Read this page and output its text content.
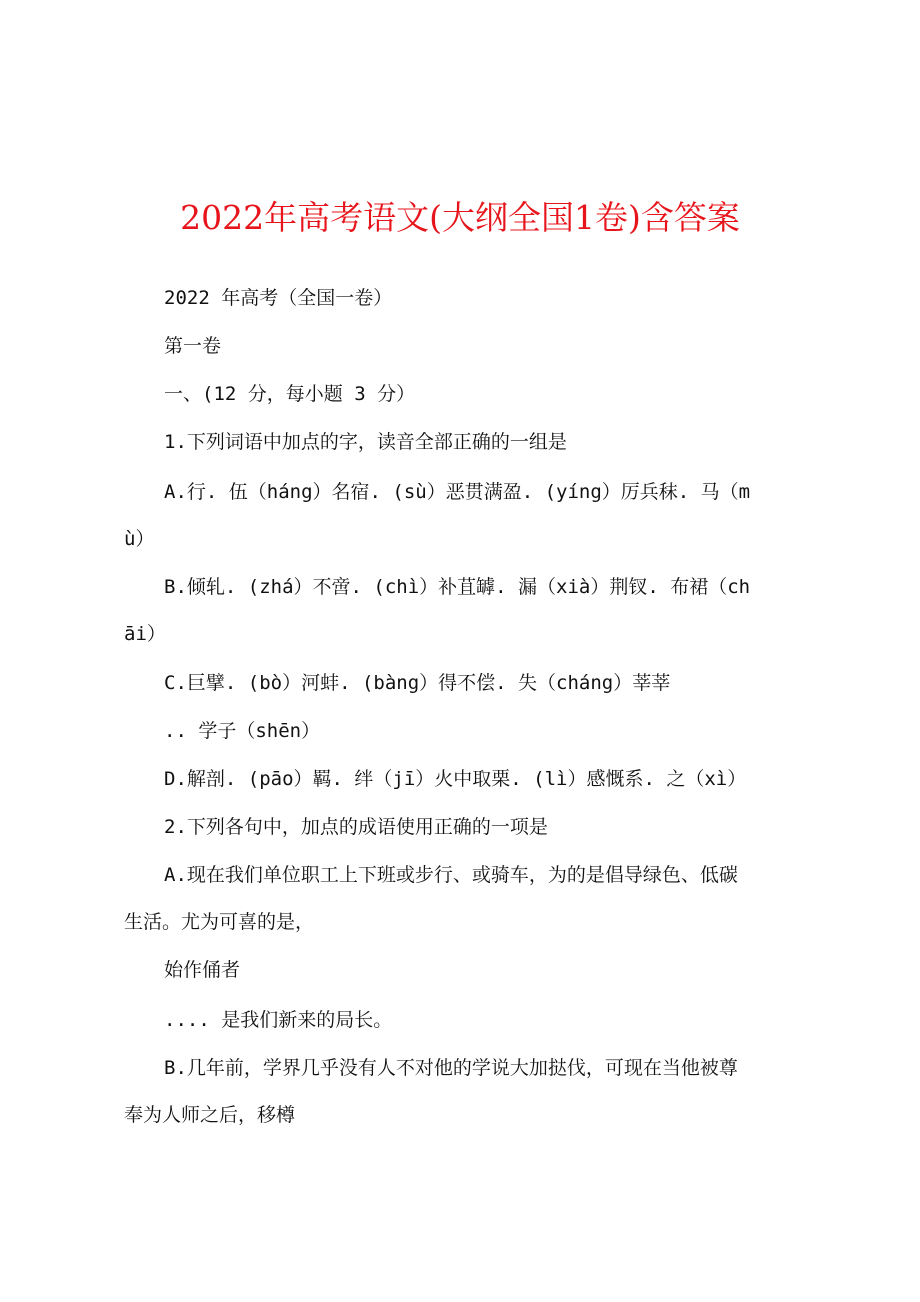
2022年高考语文(大纲全国1卷)含答案
2022 年高考（全国一卷）
第一卷
一、(12 分，每小题 3 分）
1.下列词语中加点的字，读音全部正确的一组是
A.行. 伍（háng）名宿. (sù）恶贯满盈. (yíng）厉兵秣. 马（m
ù）
B.倾轧. (zhá）不啻. (chì）补苴罅. 漏（xià）荆钗. 布裙（ch
āi）
C.巨擘. (bò）河蚌. (bàng）得不偿. 失（cháng）莘莘
.. 学子（shēn）
D.解剖. (pāo）羁. 绊（jī）火中取栗. (lì）感慨系. 之（xì）
2.下列各句中，加点的成语使用正确的一项是
A.现在我们单位职工上下班或步行、或骑车，为的是倡导绿色、低碳
生活。尤为可喜的是，
始作俑者
.... 是我们新来的局长。
B.几年前，学界几乎没有人不对他的学说大加挞伐，可现在当他被尊
奉为人师之后，移樽
